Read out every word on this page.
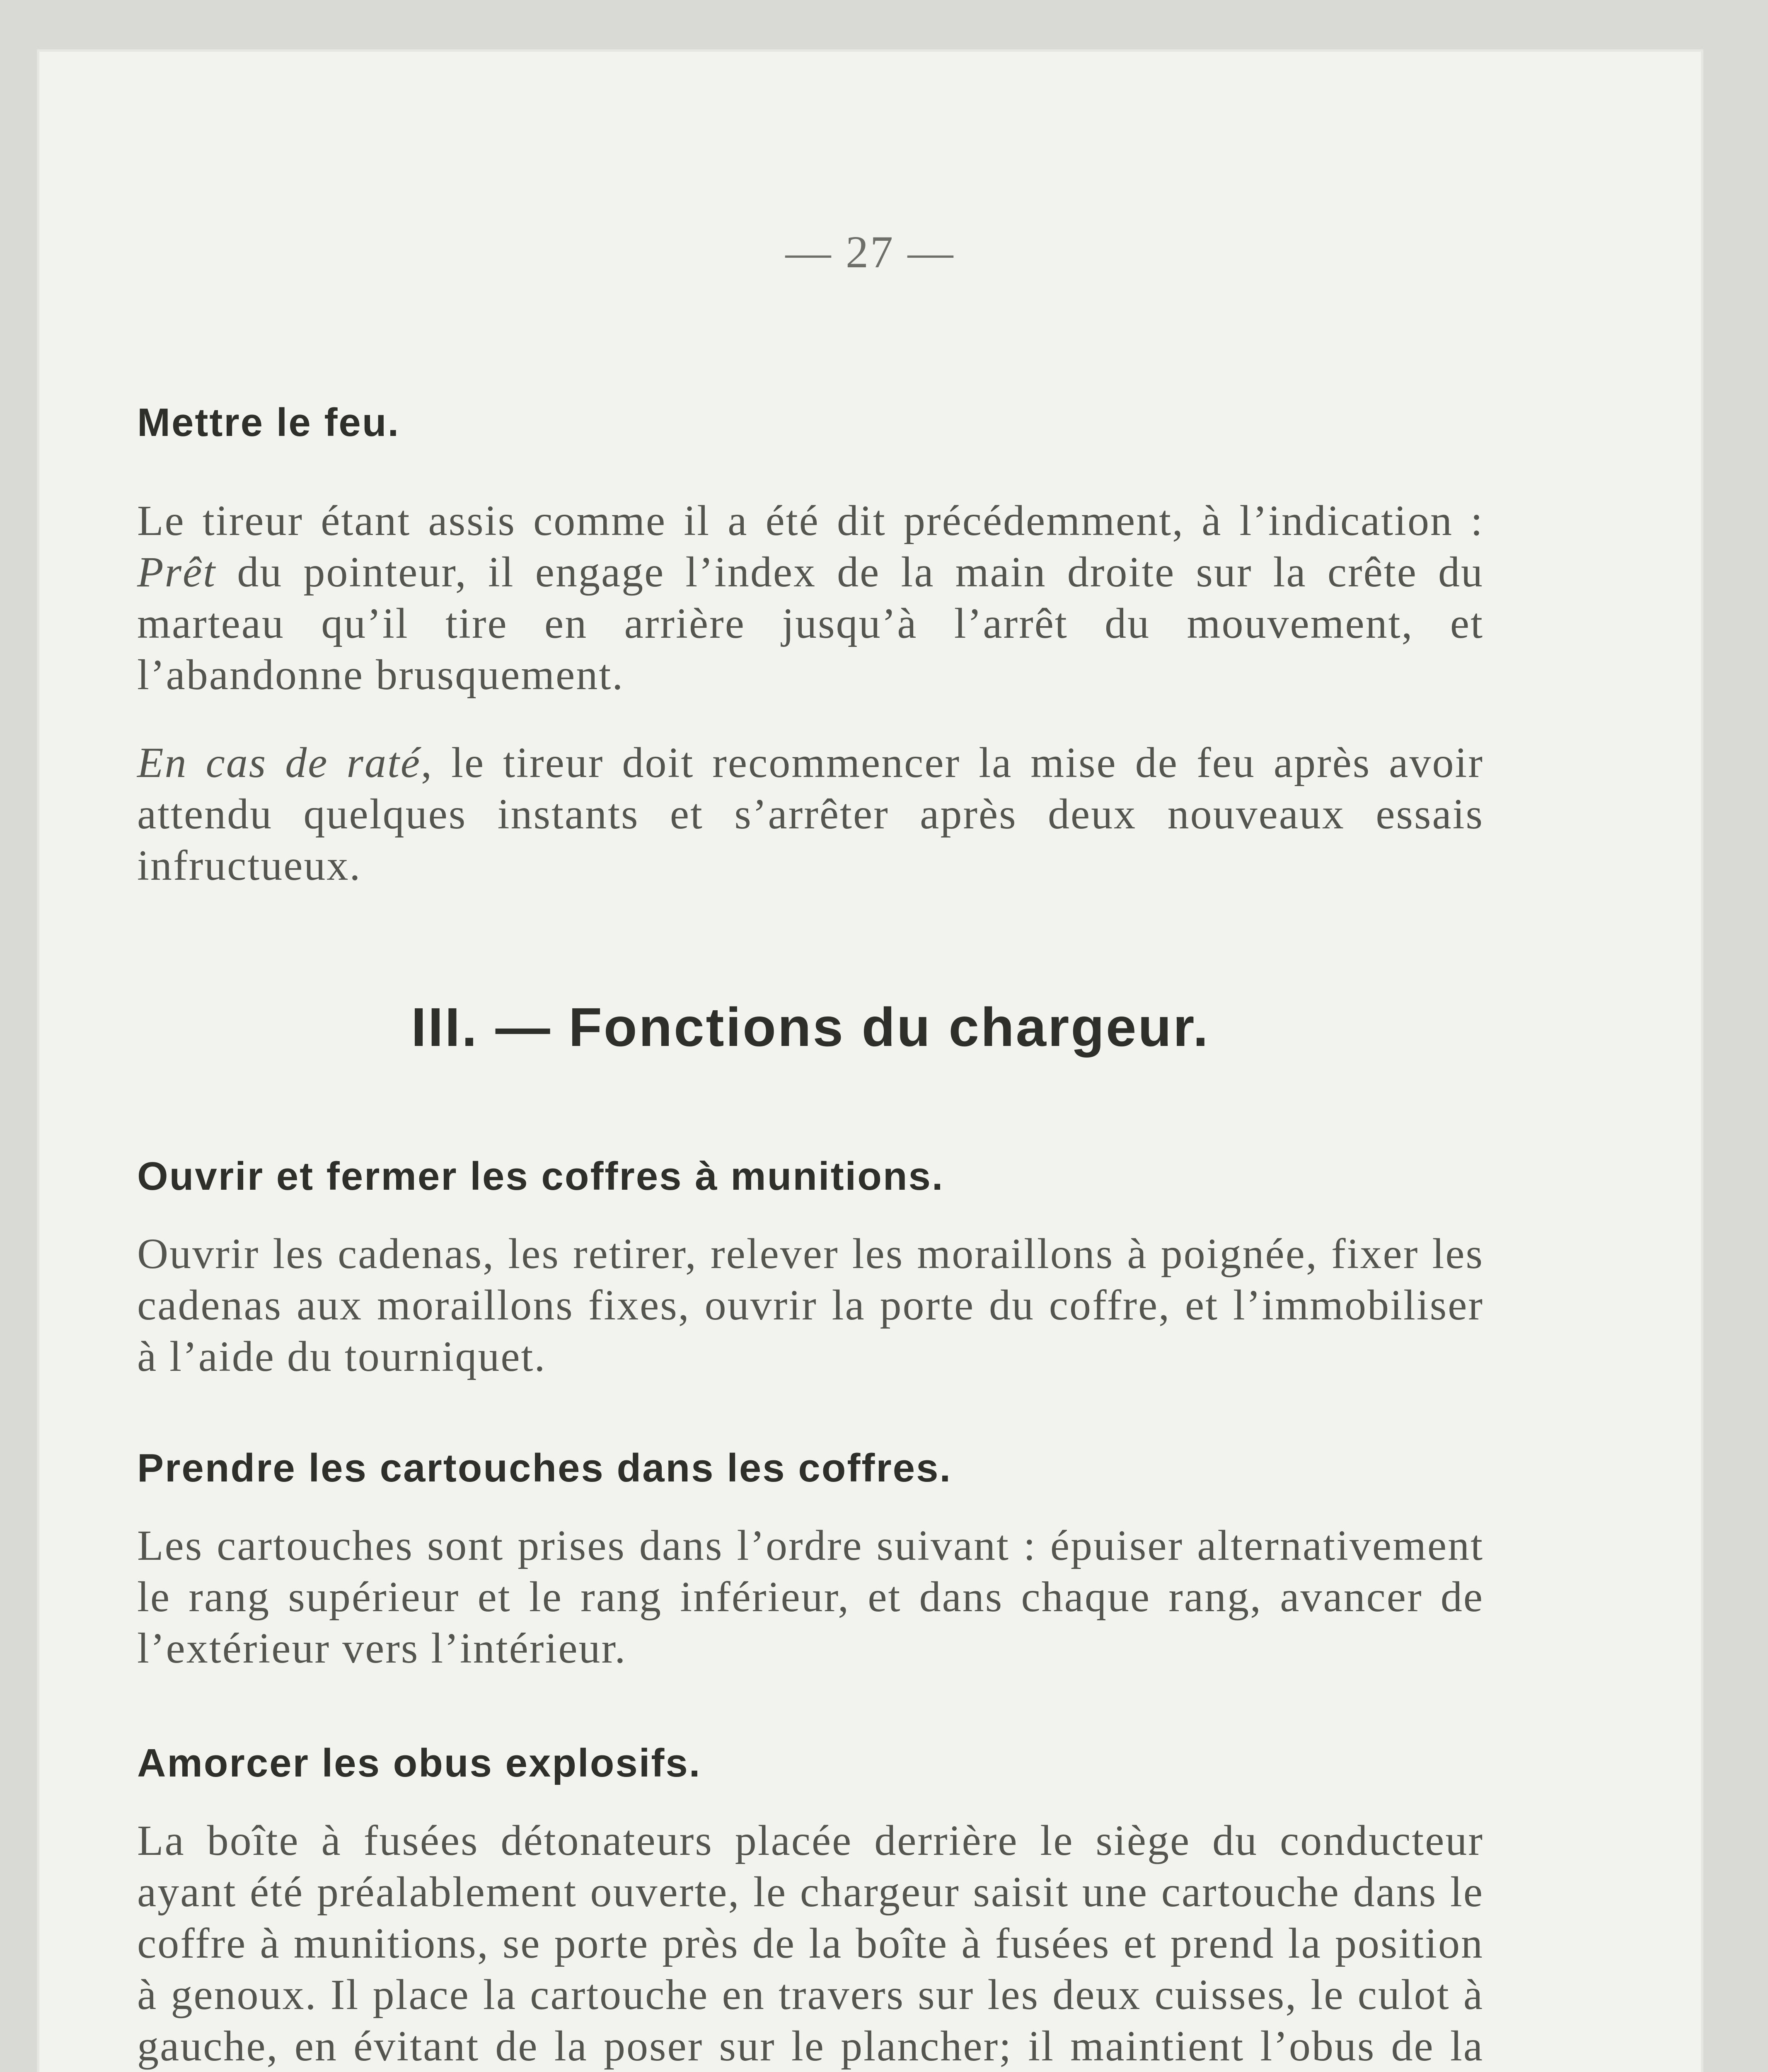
— 27 —
Mettre le feu.

Le tireur étant assis comme il a été dit précédemment, à l’indication : Prêt du pointeur, il engage l’index de la main droite sur la crête du marteau qu’il tire en arrière jusqu’à l’arrêt du mouvement, et l’abandonne brusquement.

En cas de raté, le tireur doit recommencer la mise de feu après avoir attendu quelques instants et s’arrêter après deux nouveaux essais infructueux.

III. — Fonctions du chargeur.
Ouvrir et fermer les coffres à munitions.

Ouvrir les cadenas, les retirer, relever les moraillons à poignée, fixer les cadenas aux moraillons fixes, ouvrir la porte du coffre, et l’immobiliser à l’aide du tourniquet.

Prendre les cartouches dans les coffres.

Les cartouches sont prises dans l’ordre suivant : épuiser alternativement le rang supérieur et le rang inférieur, et dans chaque rang, avancer de l’extérieur vers l’intérieur.

Amorcer les obus explosifs.

La boîte à fusées détonateurs placée derrière le siège du conducteur ayant été préalablement ouverte, le chargeur saisit une cartouche dans le coffre à munitions, se porte près de la boîte à fusées et prend la position à genoux. Il place la cartouche en travers sur les deux cuisses, le culot à gauche, en évitant de la poser sur le plancher; il maintient l’obus de la
